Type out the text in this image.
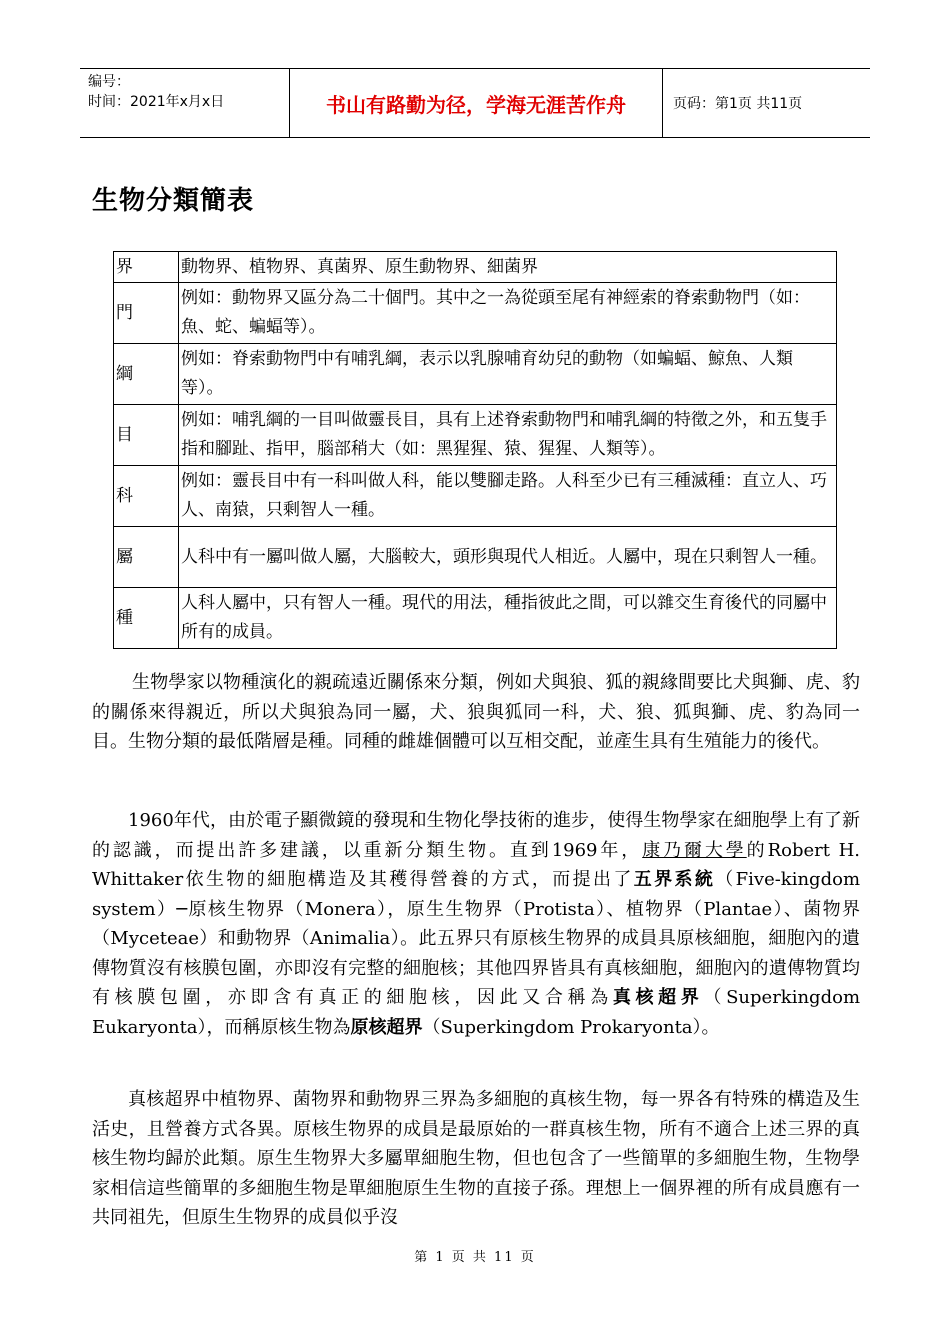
编号：
时间：2021年x月x日	书山有路勤为径，学海无涯苦作舟	页码：第1页 共11页
生物分類簡表
界	動物界、植物界、真菌界、原生動物界、細菌界
門	例如：動物界又區分為二十個門。其中之一為從頭至尾有神經索的脊索動物門（如：魚、蛇、蝙蝠等）。
綱	例如：脊索動物門中有哺乳綱，表示以乳腺哺育幼兒的動物（如蝙蝠、鯨魚、人類等）。
目	例如：哺乳綱的一目叫做靈長目，具有上述脊索動物門和哺乳綱的特徵之外，和五隻手指和腳趾、指甲，腦部稍大（如：黑猩猩、猿、猩猩、人類等）。
科	例如：靈長目中有一科叫做人科，能以雙腳走路。人科至少已有三種滅種：直立人、巧人、南猿，只剩智人一種。
屬	人科中有一屬叫做人屬，大腦較大，頭形與現代人相近。人屬中，現在只剩智人一種。
種	人科人屬中，只有智人一種。現代的用法，種指彼此之間，可以雜交生育後代的同屬中所有的成員。

生物學家以物種演化的親疏遠近關係來分類，例如犬與狼、狐的親緣間要比犬與獅、虎、豹的關係來得親近，所以犬與狼為同一屬，犬、狼與狐同一科，犬、狼、狐與獅、虎、豹為同一目。生物分類的最低階層是種。同種的雌雄個體可以互相交配，並產生具有生殖能力的後代。

1960年代，由於電子顯微鏡的發現和生物化學技術的進步，使得生物學家在細胞學上有了新的認識，而提出許多建議，以重新分類生物。直到1969年，康乃爾大學的Robert H. Whittaker依生物的細胞構造及其穫得營養的方式，而提出了五界系統（Five-kingdom system）─原核生物界（Monera），原生生物界（Protista）、植物界（Plantae）、菌物界（Myceteae）和動物界（Animalia）。此五界只有原核生物界的成員具原核細胞，細胞內的遺傳物質沒有核膜包圍，亦即沒有完整的細胞核；其他四界皆具有真核細胞，細胞內的遺傳物質均有核膜包圍，亦即含有真正的細胞核，因此又合稱為真核超界（Superkingdom Eukaryonta），而稱原核生物為原核超界（Superkingdom Prokaryonta）。

真核超界中植物界、菌物界和動物界三界為多細胞的真核生物，每一界各有特殊的構造及生活史，且營養方式各異。原核生物界的成員是最原始的一群真核生物，所有不適合上述三界的真核生物均歸於此類。原生生物界大多屬單細胞生物，但也包含了一些簡單的多細胞生物，生物學家相信這些簡單的多細胞生物是單細胞原生生物的直接子孫。理想上一個界裡的所有成員應有一共同祖先，但原生生物界的成員似乎沒

第 1 页 共 11 页
